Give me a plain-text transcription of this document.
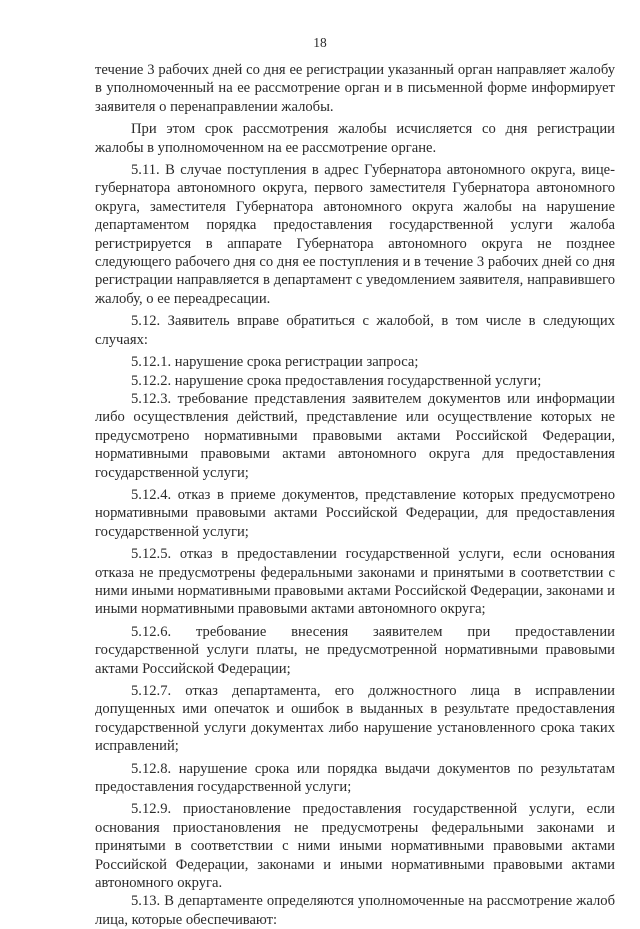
18

течение 3 рабочих дней со дня ее регистрации указанный орган направляет жалобу в уполномоченный на ее рассмотрение орган и в письменной форме информирует заявителя о перенаправлении жалобы.

При этом срок рассмотрения жалобы исчисляется со дня регистрации жалобы в уполномоченном на ее рассмотрение органе.

5.11. В случае поступления в адрес Губернатора автономного округа, вице-губернатора автономного округа, первого заместителя Губернатора автономного округа, заместителя Губернатора автономного округа жалобы на нарушение департаментом порядка предоставления государственной услуги жалоба регистрируется в аппарате Губернатора автономного округа не позднее следующего рабочего дня со дня ее поступления и в течение 3 рабочих дней со дня регистрации направляется в департамент с уведомлением заявителя, направившего жалобу, о ее переадресации.

5.12. Заявитель вправе обратиться с жалобой, в том числе в следующих случаях:

5.12.1. нарушение срока регистрации запроса;

5.12.2. нарушение срока предоставления государственной услуги;

5.12.3. требование представления заявителем документов или информации либо осуществления действий, представление или осуществление которых не предусмотрено нормативными правовыми актами Российской Федерации, нормативными правовыми актами автономного округа для предоставления государственной услуги;

5.12.4. отказ в приеме документов, представление которых предусмотрено нормативными правовыми актами Российской Федерации, для предоставления государственной услуги;

5.12.5. отказ в предоставлении государственной услуги, если основания отказа не предусмотрены федеральными законами и принятыми в соответствии с ними иными нормативными правовыми актами Российской Федерации, законами и иными нормативными правовыми актами автономного округа;

5.12.6. требование внесения заявителем при предоставлении государственной услуги платы, не предусмотренной нормативными правовыми актами Российской Федерации;

5.12.7. отказ департамента, его должностного лица в исправлении допущенных ими опечаток и ошибок в выданных в результате предоставления государственной услуги документах либо нарушение установленного срока таких исправлений;

5.12.8. нарушение срока или порядка выдачи документов по результатам предоставления государственной услуги;

5.12.9. приостановление предоставления государственной услуги, если основания приостановления не предусмотрены федеральными законами и принятыми в соответствии с ними иными нормативными правовыми актами Российской Федерации, законами и иными нормативными правовыми актами автономного округа.

5.13. В департаменте определяются уполномоченные на рассмотрение жалоб лица, которые обеспечивают:
